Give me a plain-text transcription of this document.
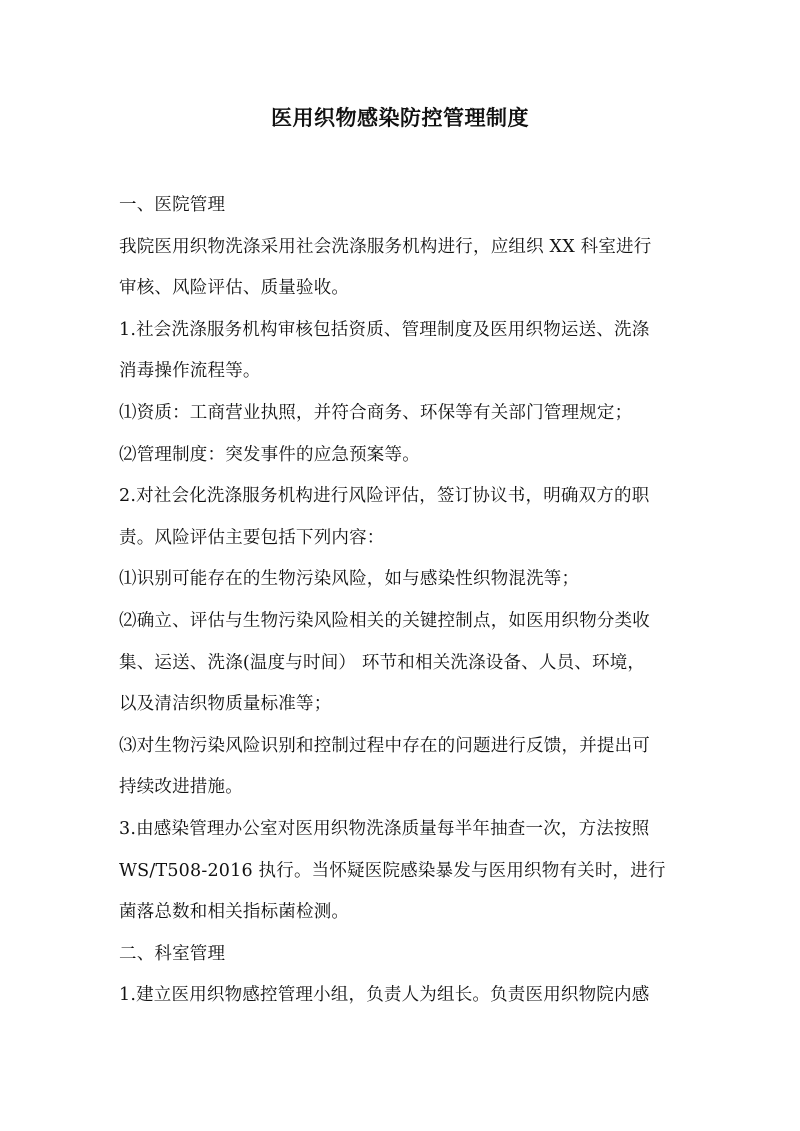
医用织物感染防控管理制度
一、医院管理
我院医用织物洗涤采用社会洗涤服务机构进行，应组织 XX 科室进行
审核、风险评估、质量验收。
1.社会洗涤服务机构审核包括资质、管理制度及医用织物运送、洗涤
消毒操作流程等。
⑴资质：工商营业执照，并符合商务、环保等有关部门管理规定；
⑵管理制度：突发事件的应急预案等。
2.对社会化洗涤服务机构进行风险评估，签订协议书，明确双方的职
责。风险评估主要包括下列内容：
⑴识别可能存在的生物污染风险，如与感染性织物混洗等；
⑵确立、评估与生物污染风险相关的关键控制点，如医用织物分类收
集、运送、洗涤(温度与时间） 环节和相关洗涤设备、人员、环境，
以及清洁织物质量标准等；
⑶对生物污染风险识别和控制过程中存在的问题进行反馈，并提出可
持续改进措施。
3.由感染管理办公室对医用织物洗涤质量每半年抽查一次，方法按照
WS/T508-2016 执行。当怀疑医院感染暴发与医用织物有关时，进行
菌落总数和相关指标菌检测。
二、科室管理
1.建立医用织物感控管理小组，负责人为组长。负责医用织物院内感
